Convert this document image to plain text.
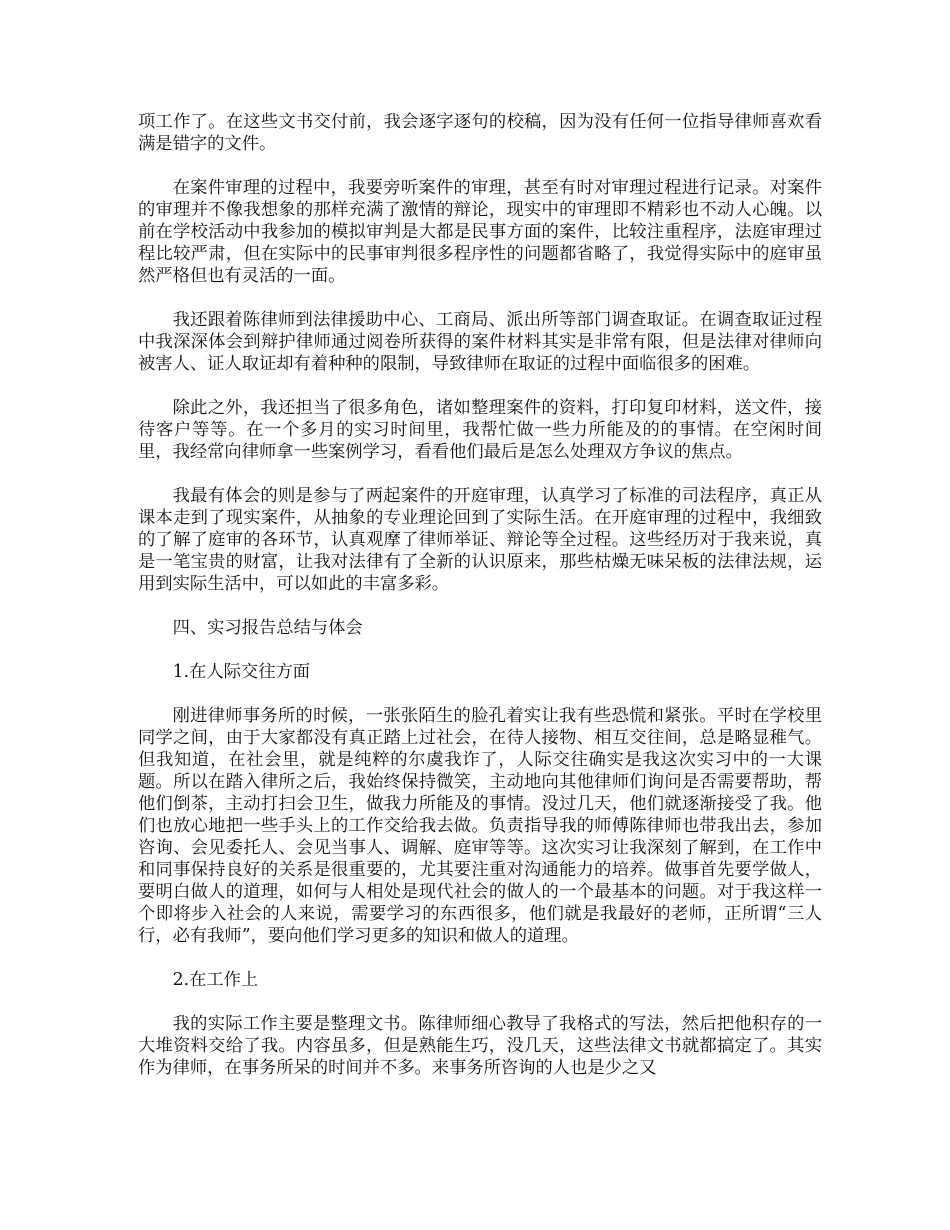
项工作了。在这些文书交付前，我会逐字逐句的校稿，因为没有任何一位指导律师喜欢看满是错字的文件。

在案件审理的过程中，我要旁听案件的审理，甚至有时对审理过程进行记录。对案件的审理并不像我想象的那样充满了激情的辩论，现实中的审理即不精彩也不动人心魄。以前在学校活动中我参加的模拟审判是大都是民事方面的案件，比较注重程序，法庭审理过程比较严肃，但在实际中的民事审判很多程序性的问题都省略了，我觉得实际中的庭审虽然严格但也有灵活的一面。

我还跟着陈律师到法律援助中心、工商局、派出所等部门调查取证。在调查取证过程中我深深体会到辩护律师通过阅卷所获得的案件材料其实是非常有限，但是法律对律师向被害人、证人取证却有着种种的限制，导致律师在取证的过程中面临很多的困难。

除此之外，我还担当了很多角色，诸如整理案件的资料，打印复印材料，送文件，接待客户等等。在一个多月的实习时间里，我帮忙做一些力所能及的的事情。在空闲时间里，我经常向律师拿一些案例学习，看看他们最后是怎么处理双方争议的焦点。

我最有体会的则是参与了两起案件的开庭审理，认真学习了标准的司法程序，真正从课本走到了现实案件，从抽象的专业理论回到了实际生活。在开庭审理的过程中，我细致的了解了庭审的各环节，认真观摩了律师举证、辩论等全过程。这些经历对于我来说，真是一笔宝贵的财富，让我对法律有了全新的认识原来，那些枯燥无味呆板的法律法规，运用到实际生活中，可以如此的丰富多彩。

四、实习报告总结与体会

1.在人际交往方面

刚进律师事务所的时候，一张张陌生的脸孔着实让我有些恐慌和紧张。平时在学校里同学之间，由于大家都没有真正踏上过社会，在待人接物、相互交往间，总是略显稚气。但我知道，在社会里，就是纯粹的尔虞我诈了，人际交往确实是我这次实习中的一大课题。所以在踏入律所之后，我始终保持微笑，主动地向其他律师们询问是否需要帮助，帮他们倒茶，主动打扫会卫生，做我力所能及的事情。没过几天，他们就逐渐接受了我。他们也放心地把一些手头上的工作交给我去做。负责指导我的师傅陈律师也带我出去，参加咨询、会见委托人、会见当事人、调解、庭审等等。这次实习让我深刻了解到，在工作中和同事保持良好的关系是很重要的，尤其要注重对沟通能力的培养。做事首先要学做人，要明白做人的道理，如何与人相处是现代社会的做人的一个最基本的问题。对于我这样一个即将步入社会的人来说，需要学习的东西很多，他们就是我最好的老师，正所谓“三人行，必有我师”，要向他们学习更多的知识和做人的道理。

2.在工作上

我的实际工作主要是整理文书。陈律师细心教导了我格式的写法，然后把他积存的一大堆资料交给了我。内容虽多，但是熟能生巧，没几天，这些法律文书就都搞定了。其实作为律师，在事务所呆的时间并不多。来事务所咨询的人也是少之又
